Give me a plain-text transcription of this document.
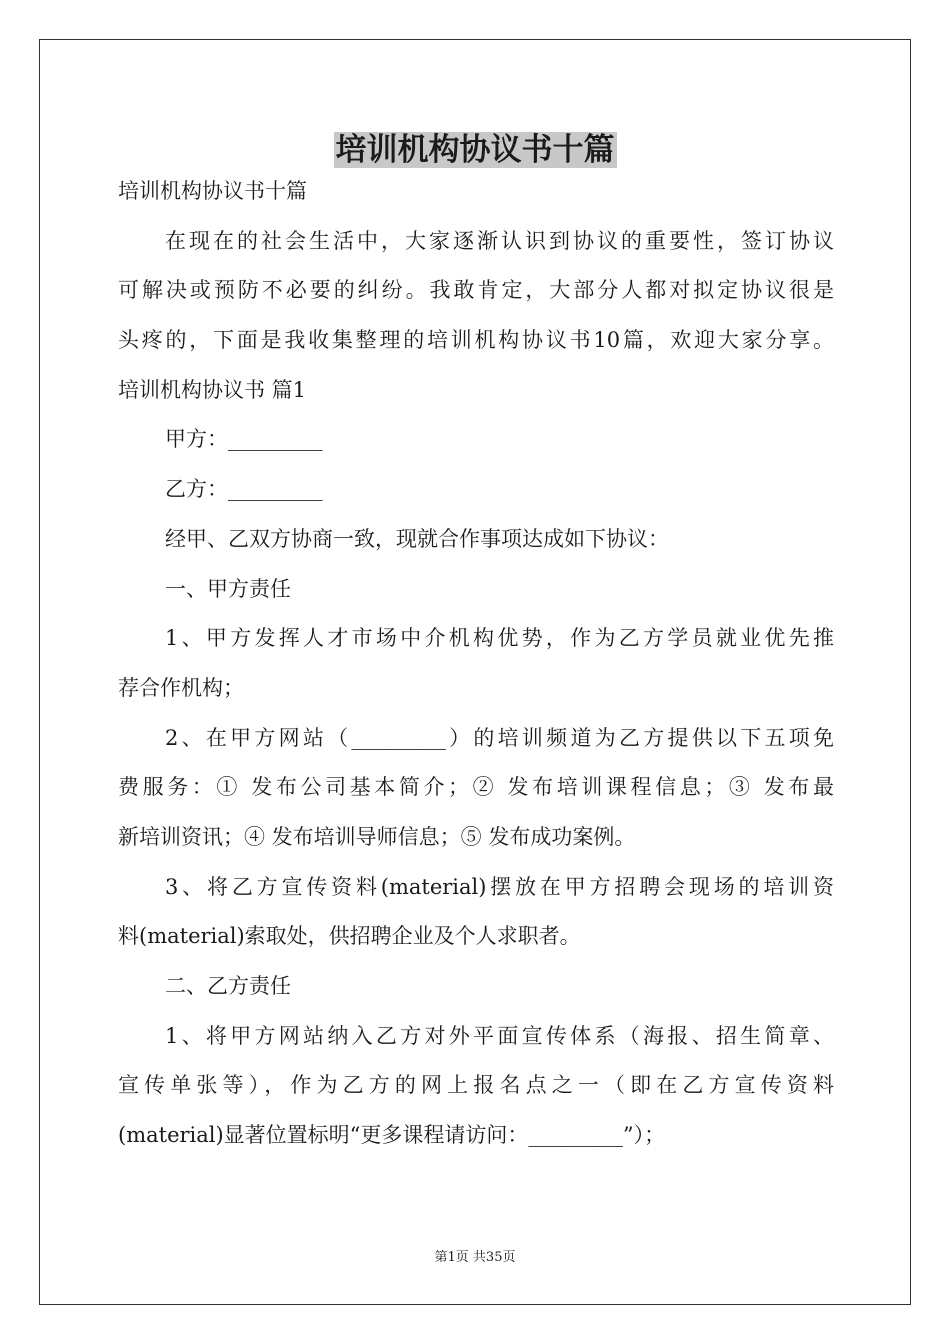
培训机构协议书十篇

培训机构协议书十篇

在现在的社会生活中，大家逐渐认识到协议的重要性，签订协议

可解决或预防不必要的纠纷。我敢肯定，大部分人都对拟定协议很是

头疼的，下面是我收集整理的培训机构协议书10篇，欢迎大家分享。

培训机构协议书 篇1

甲方：_________

乙方：_________

经甲、乙双方协商一致，现就合作事项达成如下协议：

一、甲方责任

1、甲方发挥人才市场中介机构优势，作为乙方学员就业优先推

荐合作机构；

2、在甲方网站（_________）的培训频道为乙方提供以下五项免

费服务：① 发布公司基本简介；② 发布培训课程信息；③ 发布最

新培训资讯；④ 发布培训导师信息；⑤ 发布成功案例。

3、将乙方宣传资料(material)摆放在甲方招聘会现场的培训资

料(material)索取处，供招聘企业及个人求职者。

二、乙方责任

1、将甲方网站纳入乙方对外平面宣传体系（海报、招生简章、

宣传单张等），作为乙方的网上报名点之一（即在乙方宣传资料

(material)显著位置标明“更多课程请访问：_________”）；

第1页 共35页
